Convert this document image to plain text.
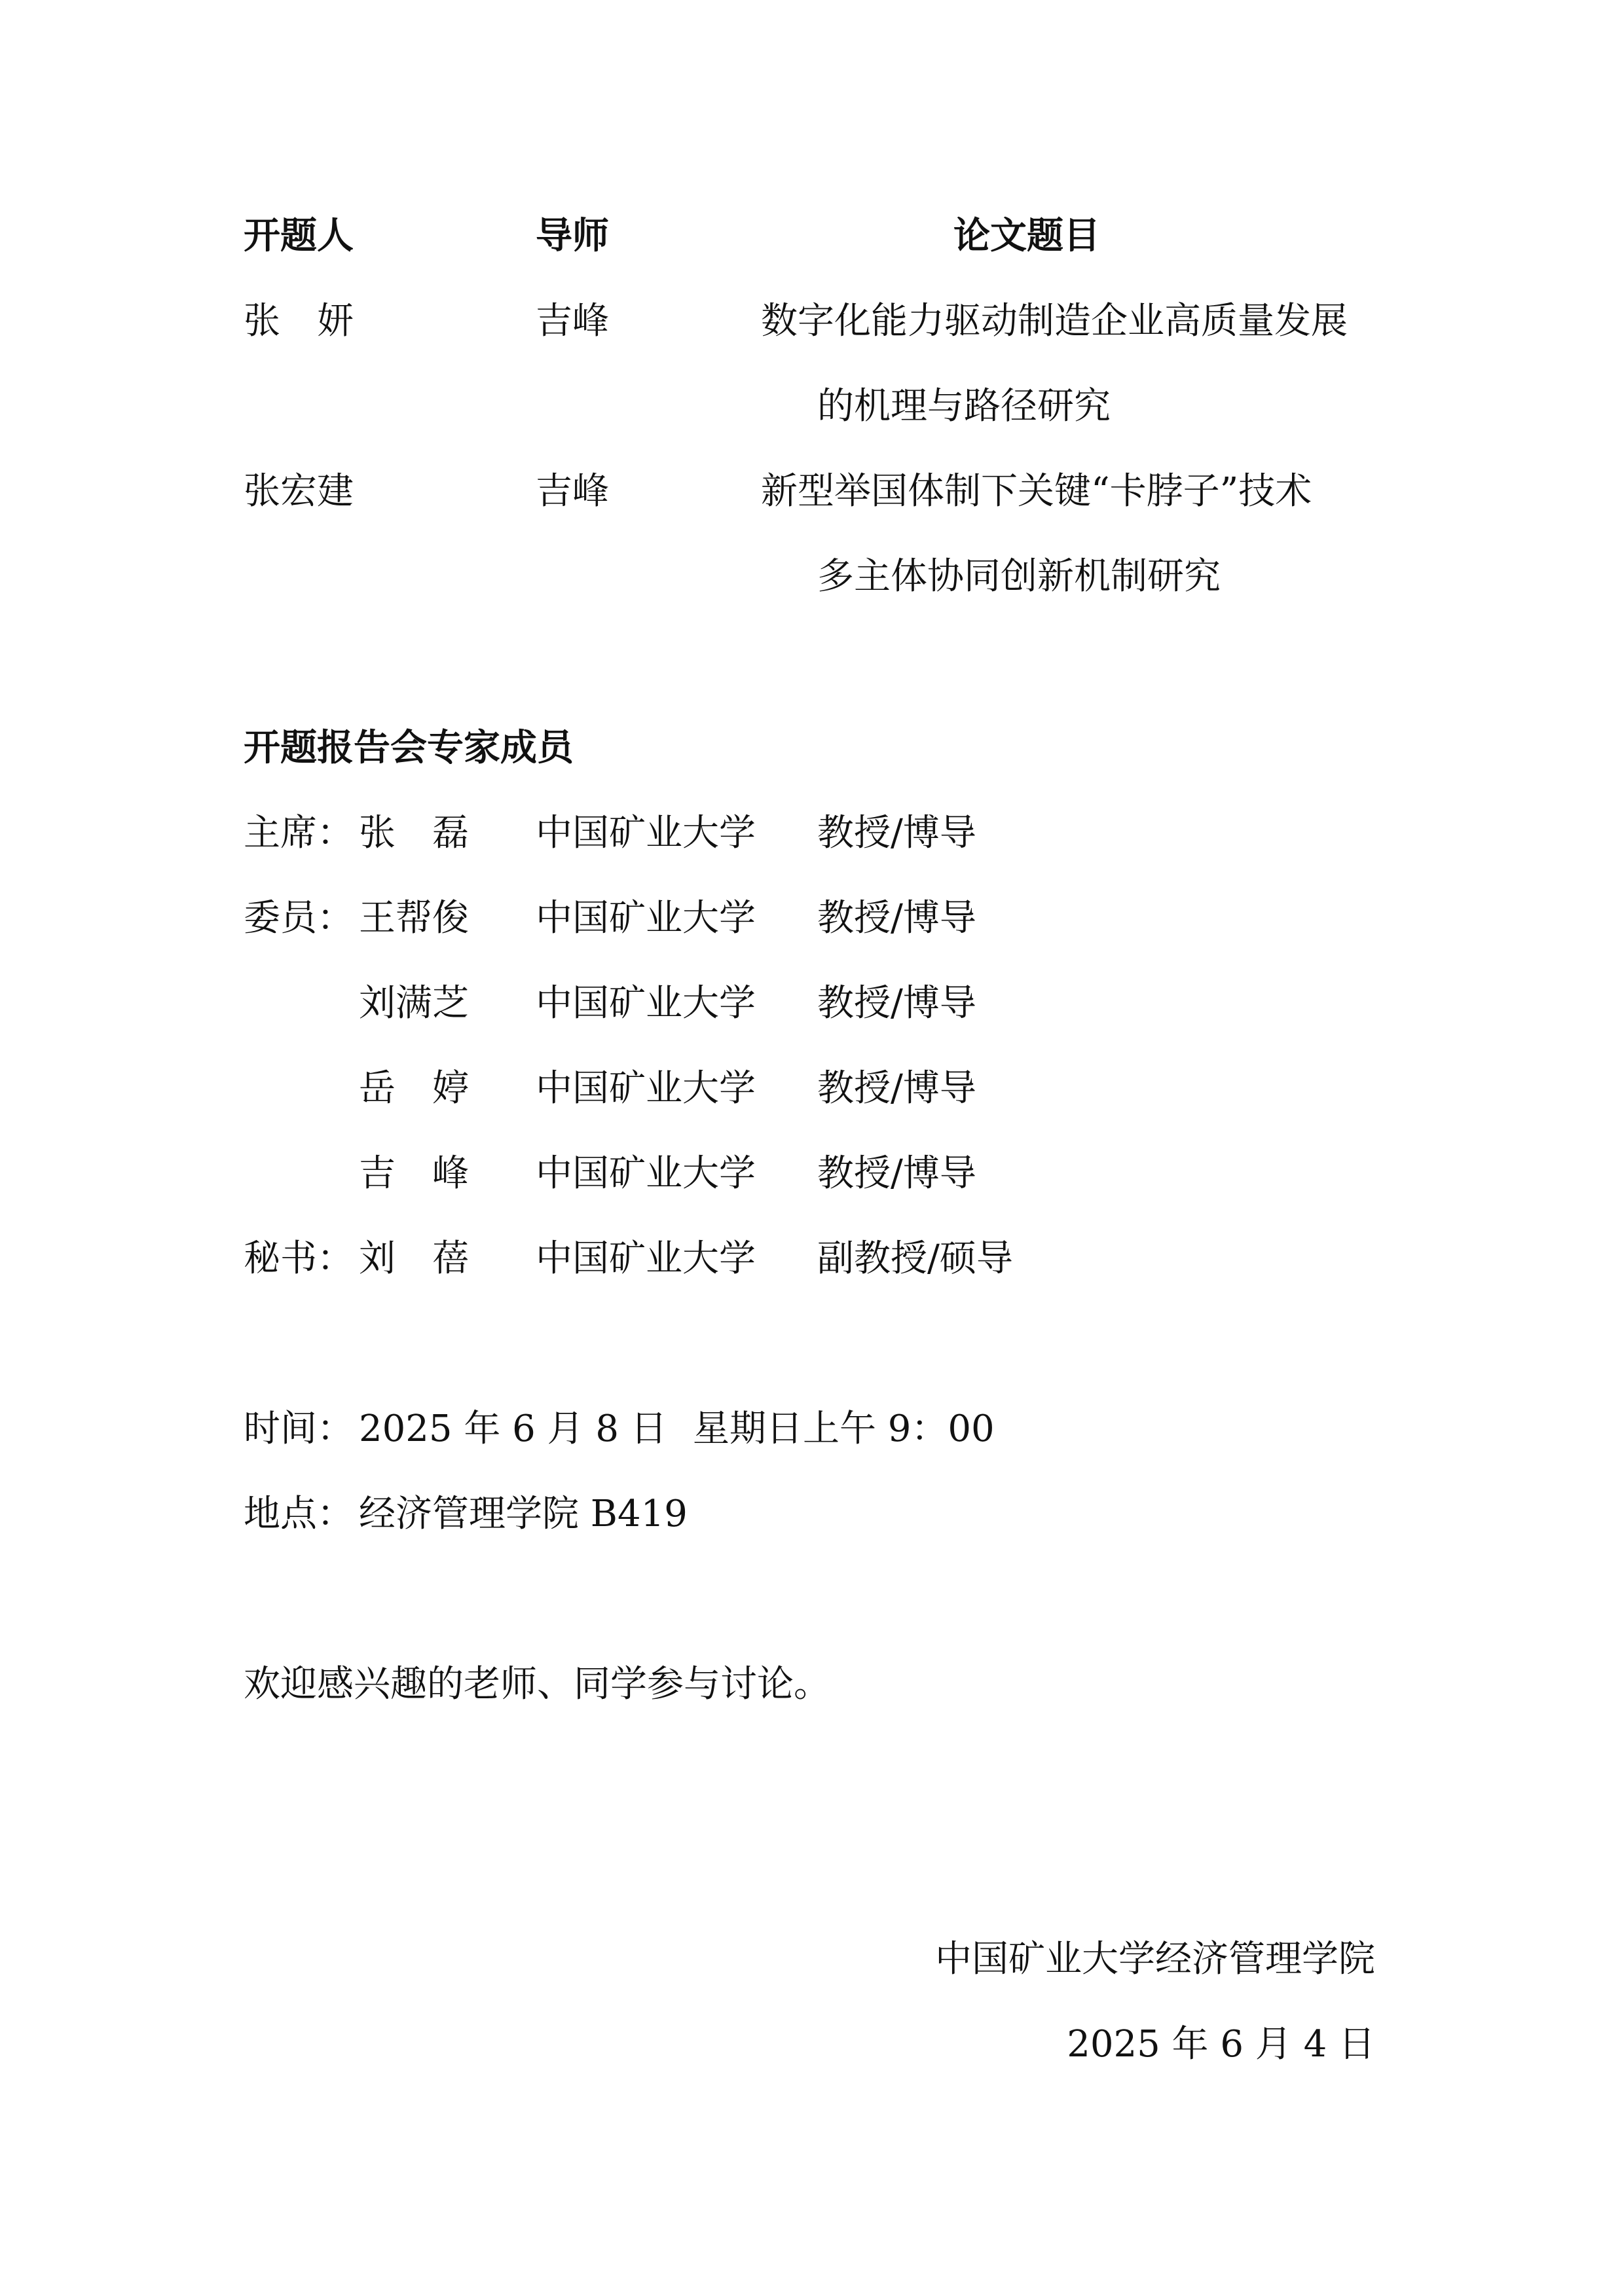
开题人	导师	论文题目
张　妍	吉峰	数字化能力驱动制造企业高质量发展
的机理与路径研究
张宏建	吉峰	新型举国体制下关键“卡脖子”技术
多主体协同创新机制研究
开题报告会专家成员
主席： 张　磊 中国矿业大学 教授/博导
委员： 王帮俊 中国矿业大学 教授/博导
刘满芝 中国矿业大学 教授/博导
岳　婷 中国矿业大学 教授/博导
吉　峰 中国矿业大学 教授/博导
秘书： 刘　蓓 中国矿业大学 副教授/硕导
时间： 2025 年 6 月 8 日 星期日上午 9：00
地点： 经济管理学院 B419
欢迎感兴趣的老师、同学参与讨论。
中国矿业大学经济管理学院
2025 年 6 月 4 日
